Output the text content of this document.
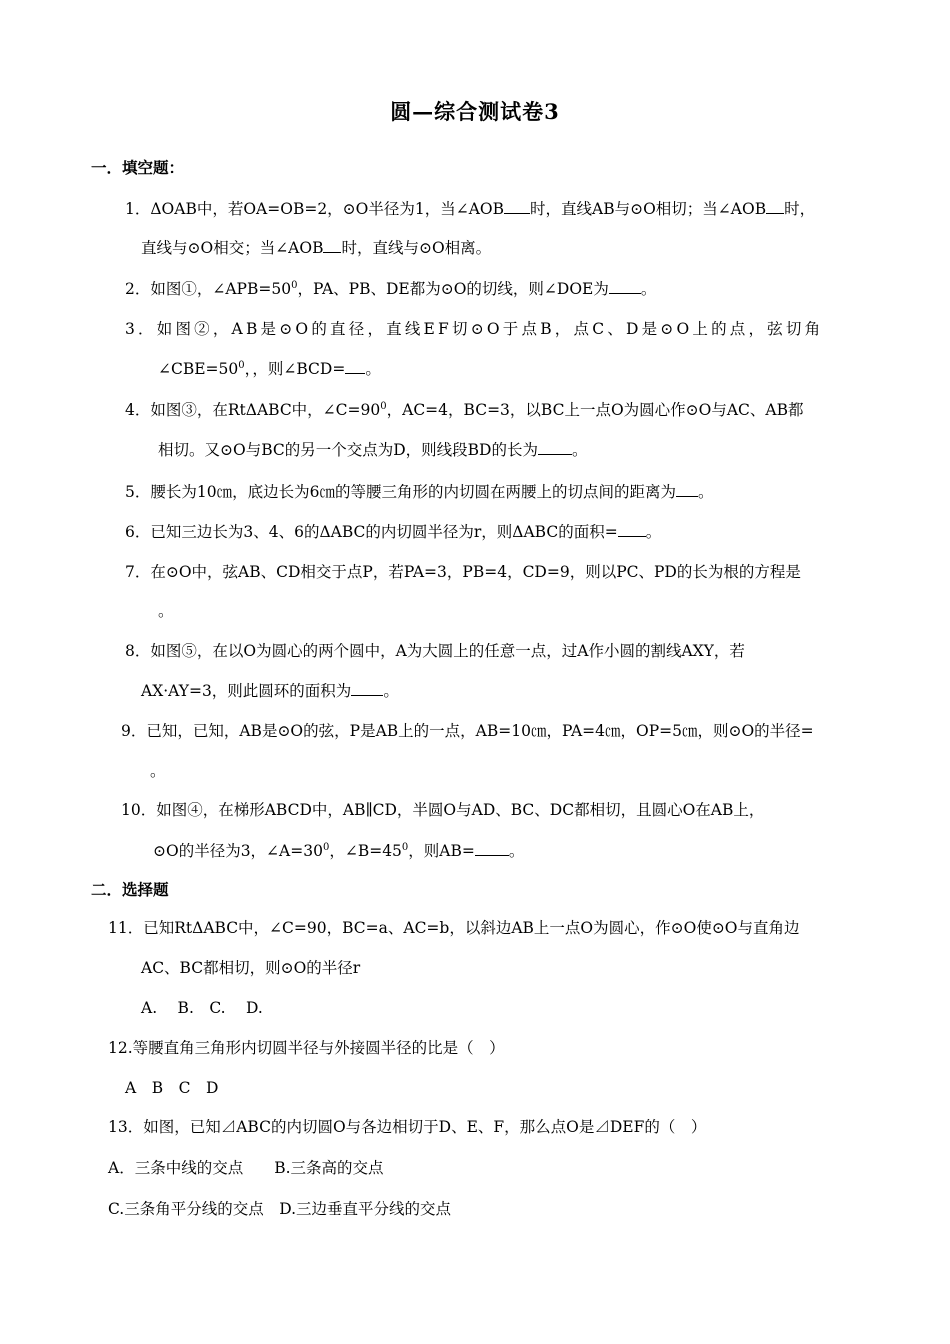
圆—综合测试卷3
一．填空题：
1．ΔOAB中，若OA=OB=2，⊙O半径为1，当∠AOB 时，直线AB与⊙O相切；当∠AOB 时，
直线与⊙O相交；当∠AOB 时，直线与⊙O相离。
2．如图①，$\angle APB=50^0$，PA、PB、DE都为⊙O的切线，则∠DOE为 。
3．如图②，AB是⊙O的直径，直线EF切⊙O于点B，点C、D是⊙O上的点，弦切角
$\angle CBE=50^0$，，则∠BCD= 。
4．如图③，在RtΔABC中，$\angle C=90^0$，AC=4，BC=3，以BC上一点O为圆心作⊙O与AC、AB都
相切。又⊙O与BC的另一个交点为D，则线段BD的长为 。
5．腰长为10㎝，底边长为6㎝的等腰三角形的内切圆在两腰上的切点间的距离为 。
6．已知三边长为3、4、6的ΔABC的内切圆半径为r，则ΔABC的面积= 。
7．在⊙O中，弦AB、CD相交于点P，若PA=3，PB=4，CD=9，则以PC、PD的长为根的方程是
。
8．如图⑤，在以O为圆心的两个圆中，A为大圆上的任意一点，过A作小圆的割线AXY，若
AX·AY=3，则此圆环的面积为 。
9．已知，已知，AB是⊙O的弦，P是AB上的一点，AB=10㎝，PA=4㎝，OP=5㎝，则⊙O的半径=
。
10．如图④，在梯形ABCD中，AB∥CD，半圆O与AD、BC、DC都相切，且圆心O在AB上，
⊙O的半径为3，$\angle A=30^0$，$\angle B=45^0$，则AB= 。
二．选择题
11．已知RtΔABC中，∠C=90，BC=a、AC=b，以斜边AB上一点O为圆心，作⊙O使⊙O与直角边
AC、BC都相切，则⊙O的半径r
A.　 B.　C.　 D.
12.等腰直角三角形内切圆半径与外接圆半径的比是（　）
A　B　C　D
13．如图，已知⊿ABC的内切圆O与各边相切于D、E、F，那么点O是⊿DEF的（　）
A．三条中线的交点　　B.三条高的交点
C.三条角平分线的交点　D.三边垂直平分线的交点
